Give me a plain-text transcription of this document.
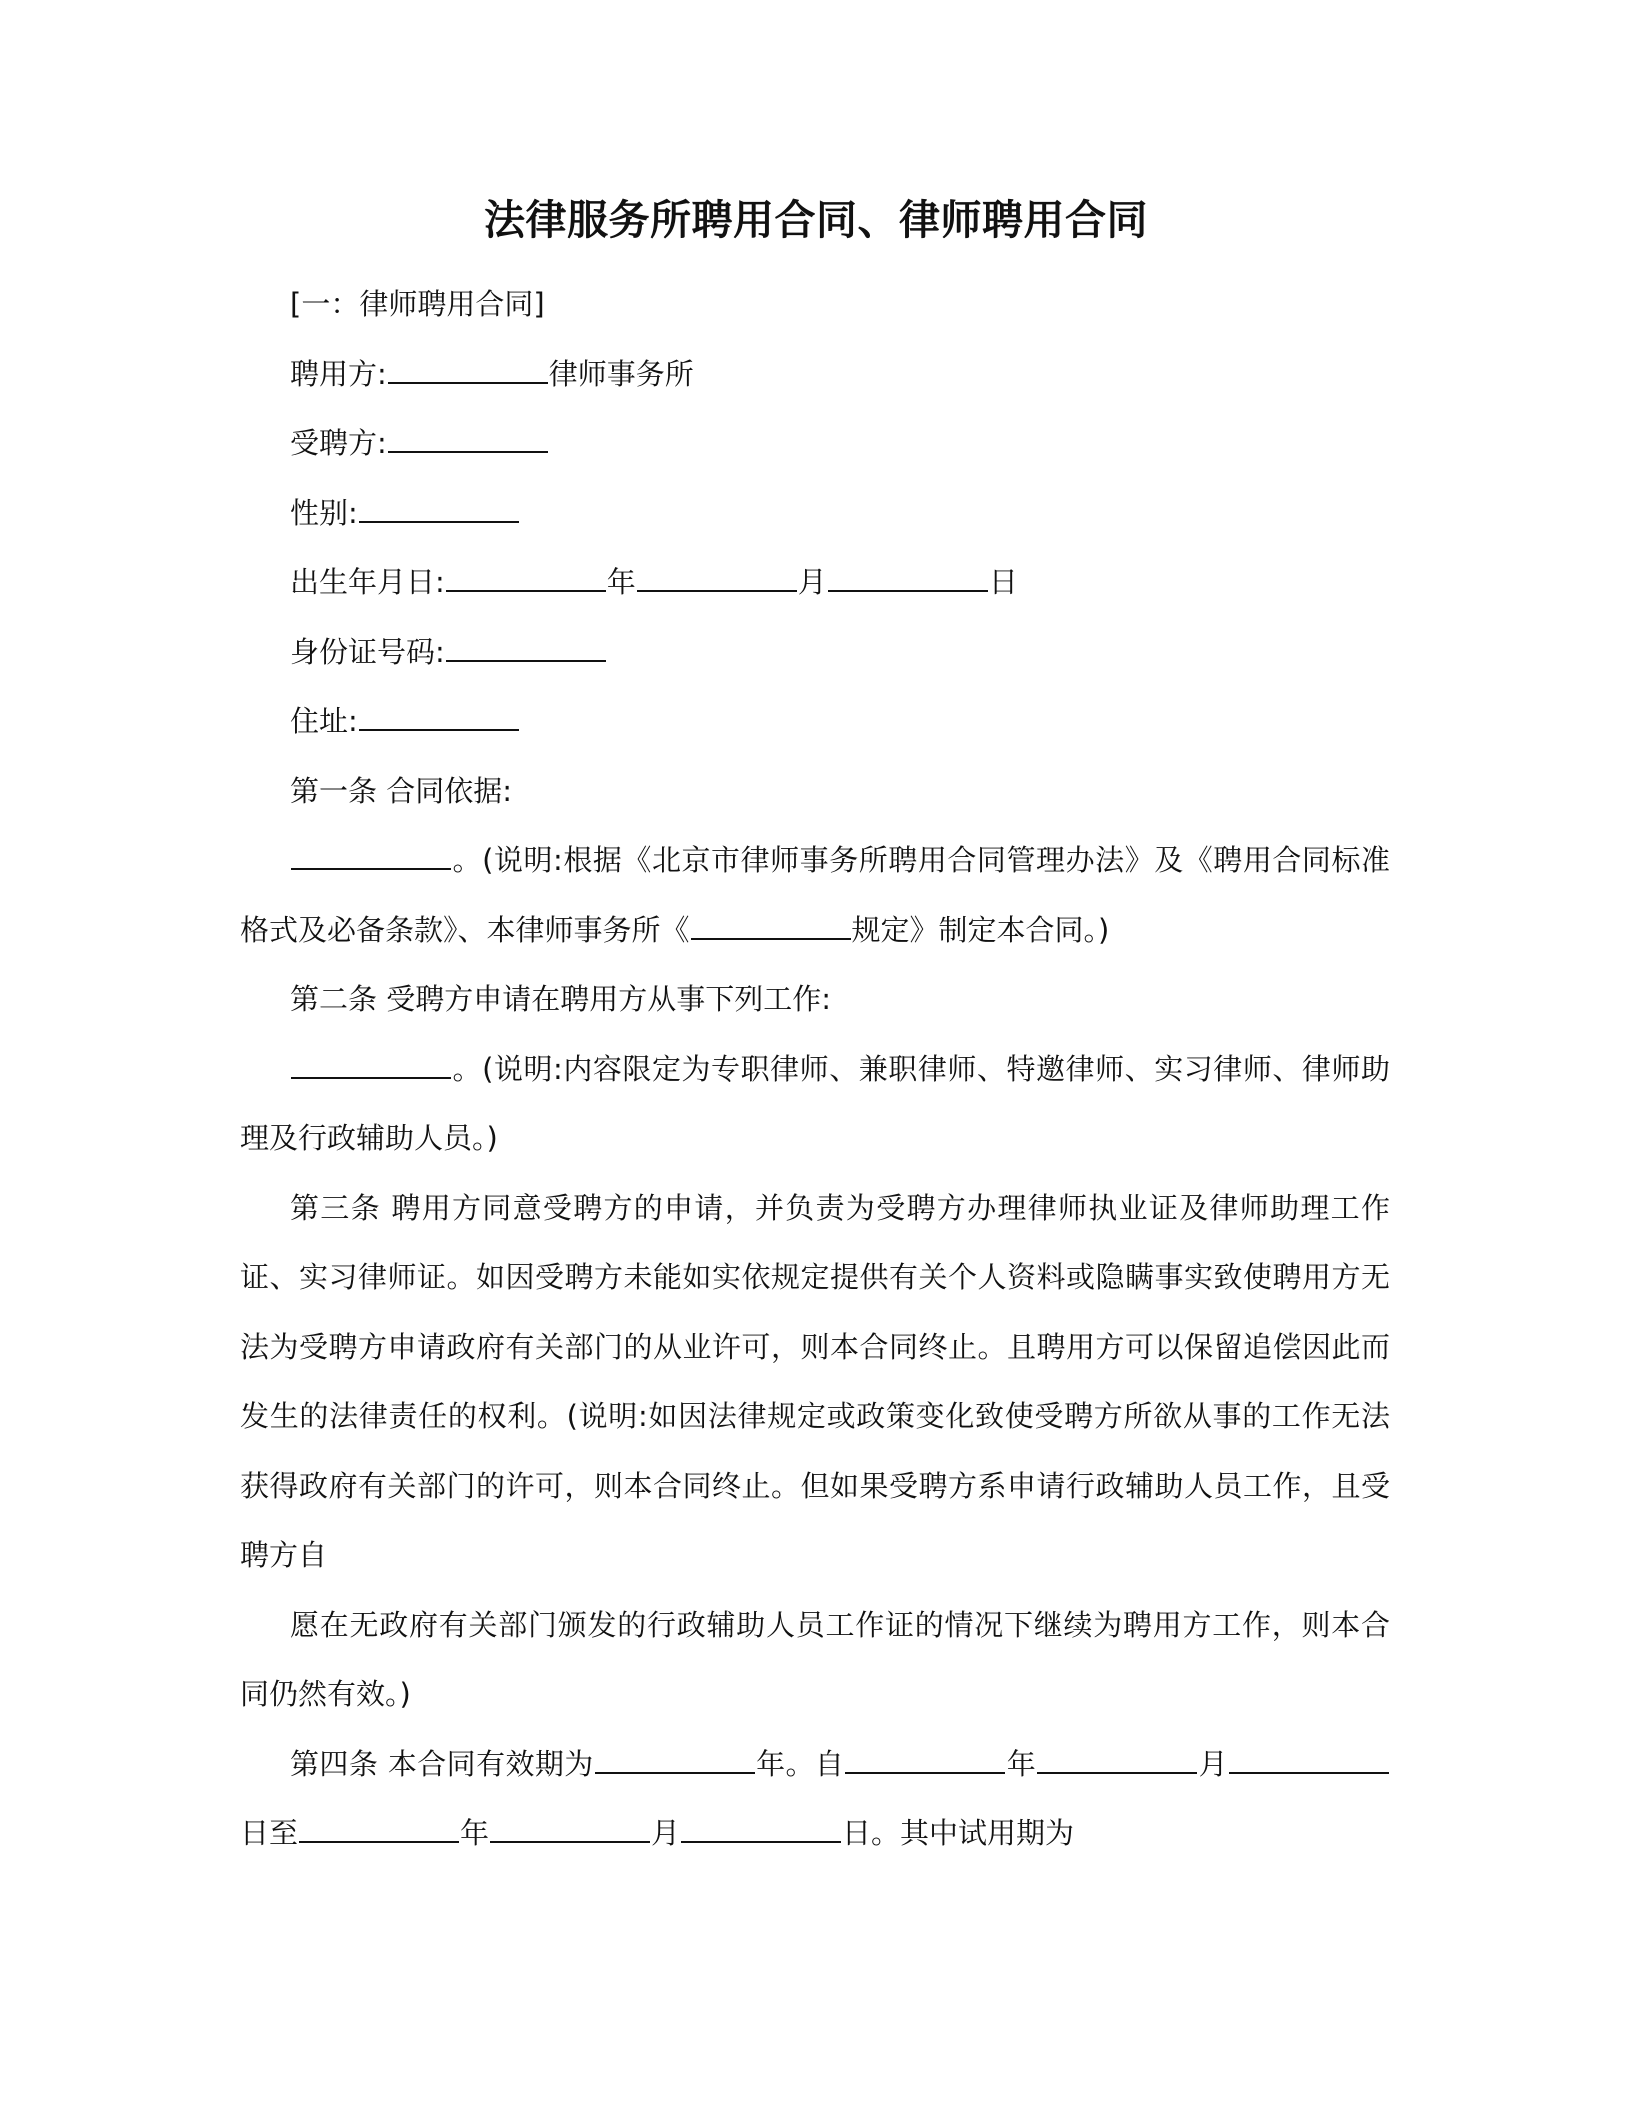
法律服务所聘用合同、律师聘用合同

[一：律师聘用合同]

聘用方:	律师事务所

受聘方:

性别:

出生年月日:	年	月	日

身份证号码:

住址:

第一条 合同依据:

。(说明:根据《北京市律师事务所聘用合同管理办法》及《聘用合同标准格式及必备条款》、本律师事务所《	规定》制定本合同。)

第二条 受聘方申请在聘用方从事下列工作:

。(说明:内容限定为专职律师、兼职律师、特邀律师、实习律师、律师助理及行政辅助人员。)

第三条 聘用方同意受聘方的申请，并负责为受聘方办理律师执业证及律师助理工作证、实习律师证。如因受聘方未能如实依规定提供有关个人资料或隐瞒事实致使聘用方无法为受聘方申请政府有关部门的从业许可，则本合同终止。且聘用方可以保留追偿因此而发生的法律责任的权利。(说明:如因法律规定或政策变化致使受聘方所欲从事的工作无法获得政府有关部门的许可，则本合同终止。但如果受聘方系申请行政辅助人员工作，且受聘方自

愿在无政府有关部门颁发的行政辅助人员工作证的情况下继续为聘用方工作，则本合同仍然有效。)

第四条 本合同有效期为	年。自	年	月日至	年	月	日。其中试用期为
